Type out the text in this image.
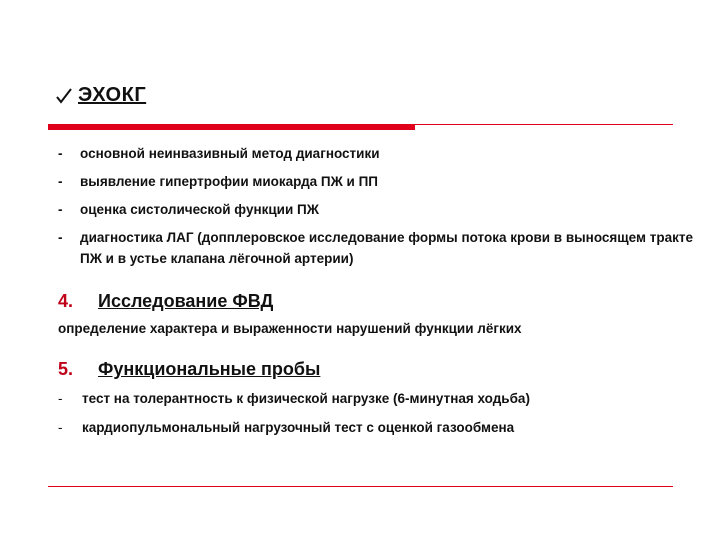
ЭХОКГ
-	основной неинвазивный метод диагностики
-	выявление гипертрофии миокарда ПЖ и ПП
-	оценка систолической функции ПЖ
-	диагностика ЛАГ (допплеровское исследование формы потока крови в выносящем тракте ПЖ и в устье клапана лёгочной артерии)
4.	Исследование ФВД
определение характера и выраженности нарушений функции лёгких
5.	Функциональные пробы
-	тест на толерантность к физической нагрузке (6-минутная ходьба)
-	кардиопульмональный нагрузочный тест с оценкой газообмена
